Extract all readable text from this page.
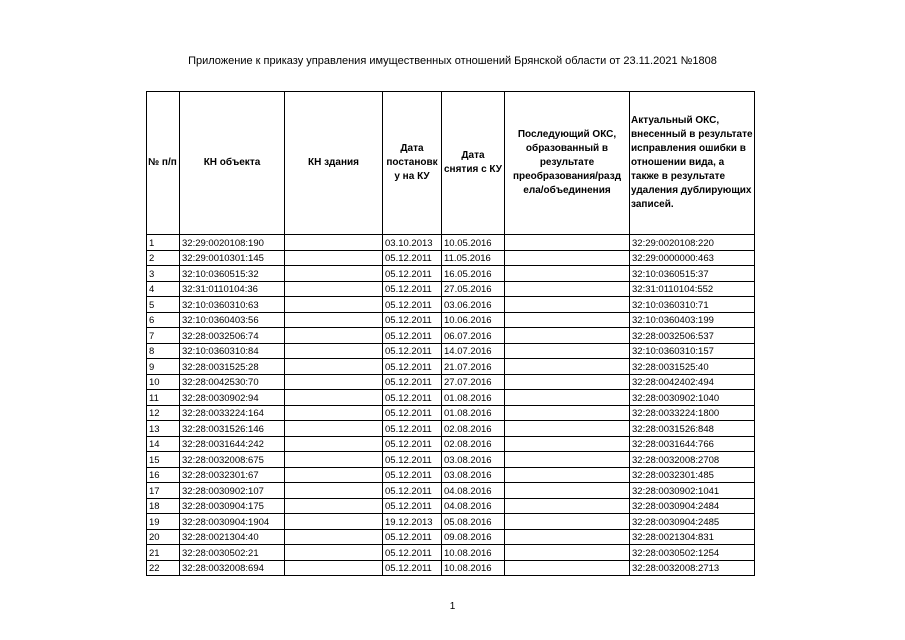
Приложение к приказу управления имущественных отношений Брянской области от 23.11.2021 №1808
№ п/п	КН объекта	КН здания	Дата постановк у на КУ	Дата снятия с КУ	Последующий ОКС, образованный в результате преобразования/разд ела/объединения	Актуальный ОКС, внесенный в результате исправления ошибки в отношении вида, а также в результате удаления дублирующих записей.
1	32:29:0020108:190		03.10.2013	10.05.2016		32:29:0020108:220
2	32:29:0010301:145		05.12.2011	11.05.2016		32:29:0000000:463
3	32:10:0360515:32		05.12.2011	16.05.2016		32:10:0360515:37
4	32:31:0110104:36		05.12.2011	27.05.2016		32:31:0110104:552
5	32:10:0360310:63		05.12.2011	03.06.2016		32:10:0360310:71
6	32:10:0360403:56		05.12.2011	10.06.2016		32:10:0360403:199
7	32:28:0032506:74		05.12.2011	06.07.2016		32:28:0032506:537
8	32:10:0360310:84		05.12.2011	14.07.2016		32:10:0360310:157
9	32:28:0031525:28		05.12.2011	21.07.2016		32:28:0031525:40
10	32:28:0042530:70		05.12.2011	27.07.2016		32:28:0042402:494
11	32:28:0030902:94		05.12.2011	01.08.2016		32:28:0030902:1040
12	32:28:0033224:164		05.12.2011	01.08.2016		32:28:0033224:1800
13	32:28:0031526:146		05.12.2011	02.08.2016		32:28:0031526:848
14	32:28:0031644:242		05.12.2011	02.08.2016		32:28:0031644:766
15	32:28:0032008:675		05.12.2011	03.08.2016		32:28:0032008:2708
16	32:28:0032301:67		05.12.2011	03.08.2016		32:28:0032301:485
17	32:28:0030902:107		05.12.2011	04.08.2016		32:28:0030902:1041
18	32:28:0030904:175		05.12.2011	04.08.2016		32:28:0030904:2484
19	32:28:0030904:1904		19.12.2013	05.08.2016		32:28:0030904:2485
20	32:28:0021304:40		05.12.2011	09.08.2016		32:28:0021304:831
21	32:28:0030502:21		05.12.2011	10.08.2016		32:28:0030502:1254
22	32:28:0032008:694		05.12.2011	10.08.2016		32:28:0032008:2713
1
